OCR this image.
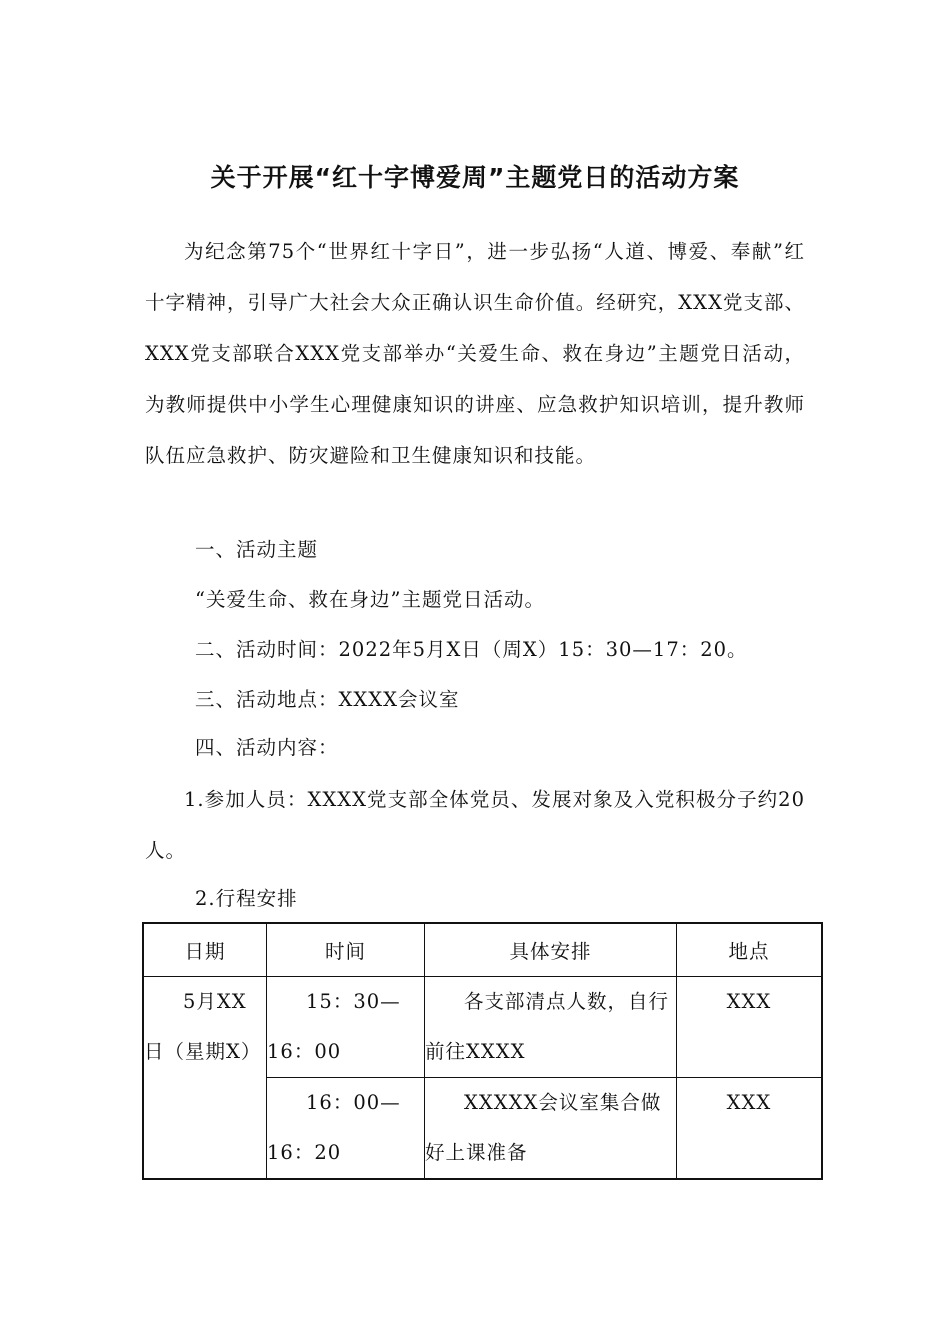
关于开展“红十字博爱周”主题党日的活动方案

为纪念第75个“世界红十字日”，进一步弘扬“人道、博爱、奉献”红十字精神，引导广大社会大众正确认识生命价值。经研究，XXX党支部、XXX党支部联合XXX党支部举办“关爱生命、救在身边”主题党日活动，为教师提供中小学生心理健康知识的讲座、应急救护知识培训，提升教师队伍应急救护、防灾避险和卫生健康知识和技能。

一、活动主题

“关爱生命、救在身边”主题党日活动。

二、活动时间：2022年5月X日（周X）15：30—17：20。

三、活动地点：XXXX会议室

四、活动内容：

1.参加人员：XXXX党支部全体党员、发展对象及入党积极分子约20人。

2.行程安排

日期	时间	具体安排	地点

5月XX日（星期X）	15：30—16：00	各支部清点人数，自行前往XXXX	XXX

	16：00—16：20	XXXXX会议室集合做好上课准备	XXX
